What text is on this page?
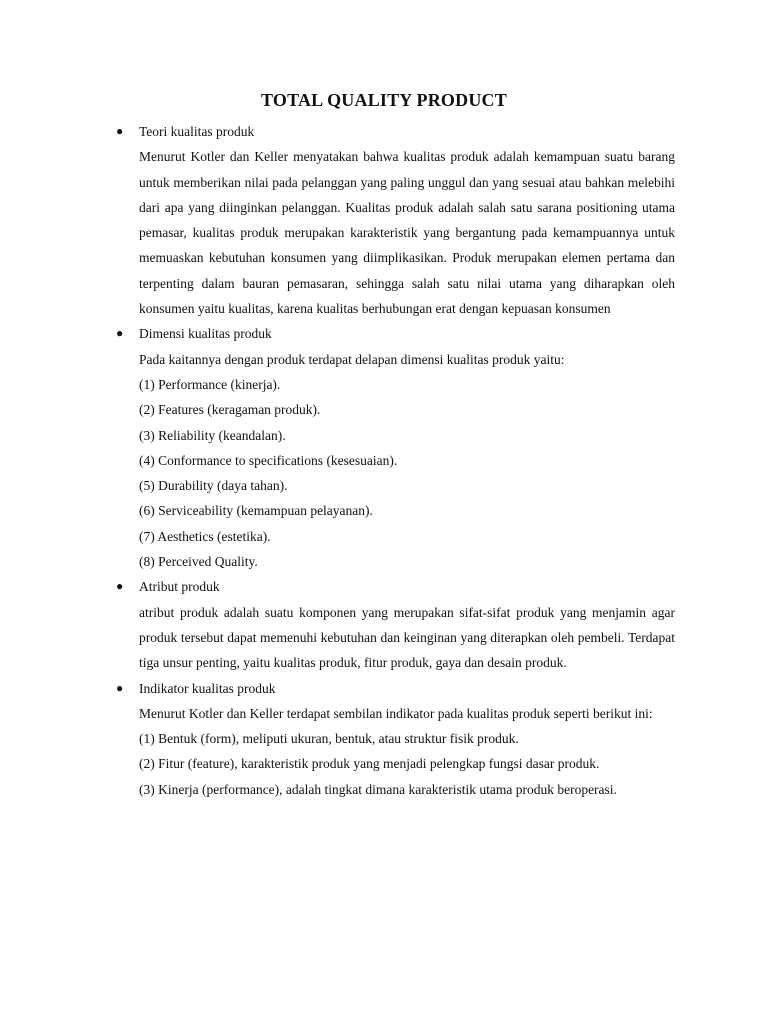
TOTAL QUALITY PRODUCT
● Teori kualitas produk

Menurut Kotler dan Keller menyatakan bahwa kualitas produk adalah kemampuan suatu barang untuk memberikan nilai pada pelanggan yang paling unggul dan yang sesuai atau bahkan melebihi dari apa yang diinginkan pelanggan. Kualitas produk adalah salah satu sarana positioning utama pemasar, kualitas produk merupakan karakteristik yang bergantung pada kemampuannya untuk memuaskan kebutuhan konsumen yang diimplikasikan. Produk merupakan elemen pertama dan terpenting dalam bauran pemasaran, sehingga salah satu nilai utama yang diharapkan oleh konsumen yaitu kualitas, karena kualitas berhubungan erat dengan kepuasan konsumen

● Dimensi kualitas produk

Pada kaitannya dengan produk terdapat delapan dimensi kualitas produk yaitu:

(1) Performance (kinerja).
(2) Features (keragaman produk).
(3) Reliability (keandalan).
(4) Conformance to specifications (kesesuaian).
(5) Durability (daya tahan).
(6) Serviceability (kemampuan pelayanan).
(7) Aesthetics (estetika).
(8) Perceived Quality.
● Atribut produk

atribut produk adalah suatu komponen yang merupakan sifat-sifat produk yang menjamin agar produk tersebut dapat memenuhi kebutuhan dan keinginan yang diterapkan oleh pembeli. Terdapat tiga unsur penting, yaitu kualitas produk, fitur produk, gaya dan desain produk.

● Indikator kualitas produk

Menurut Kotler dan Keller terdapat sembilan indikator pada kualitas produk seperti berikut ini:

(1) Bentuk (form), meliputi ukuran, bentuk, atau struktur fisik produk.
(2) Fitur (feature), karakteristik produk yang menjadi pelengkap fungsi dasar produk.
(3) Kinerja (performance), adalah tingkat dimana karakteristik utama produk beroperasi.
